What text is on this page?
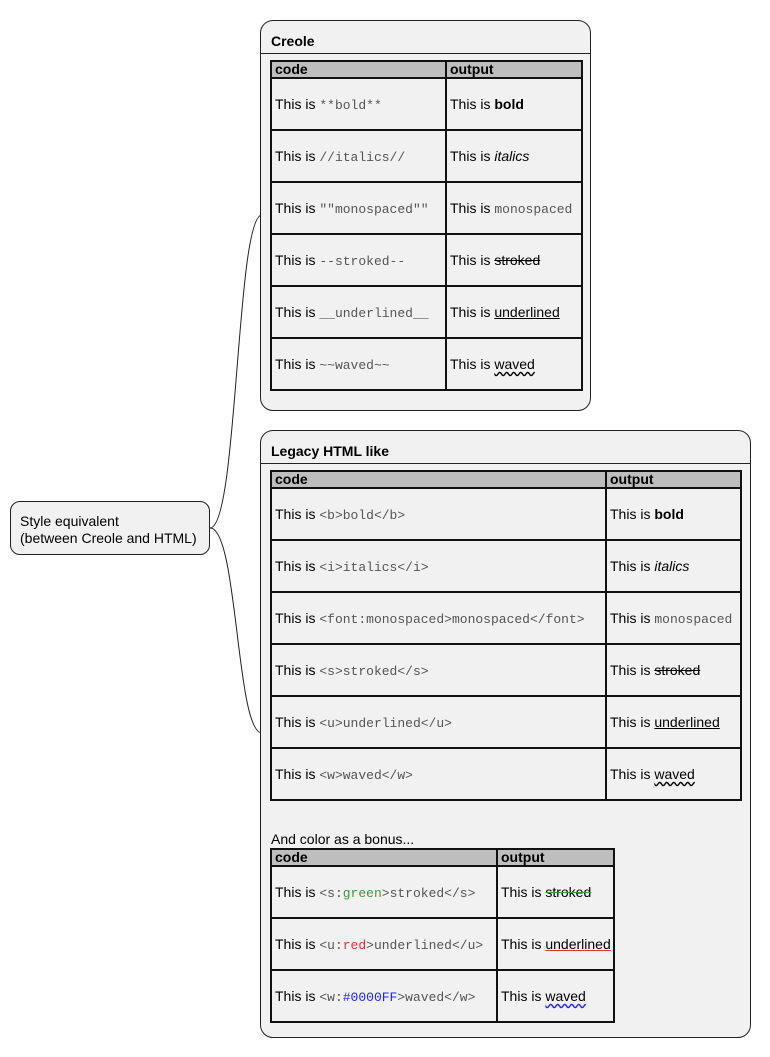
Style equivalent
(between Creole and HTML)
Creole
code	output
This is **bold**	This is bold
This is //italics//	This is italics
This is ""monospaced""	This is monospaced
This is --stroked--	This is stroked
This is __underlined__	This is underlined
This is ~~waved~~	This is waved
Legacy HTML like
code	output
This is <b>bold</b>	This is bold
This is <i>italics</i>	This is italics
This is <font:monospaced>monospaced</font>	This is monospaced
This is <s>stroked</s>	This is stroked
This is <u>underlined</u>	This is underlined
This is <w>waved</w>	This is waved
And color as a bonus...
code	output
This is <s:green>stroked</s>	This is stroked
This is <u:red>underlined</u>	This is underlined
This is <w:#0000FF>waved</w>	This is waved
